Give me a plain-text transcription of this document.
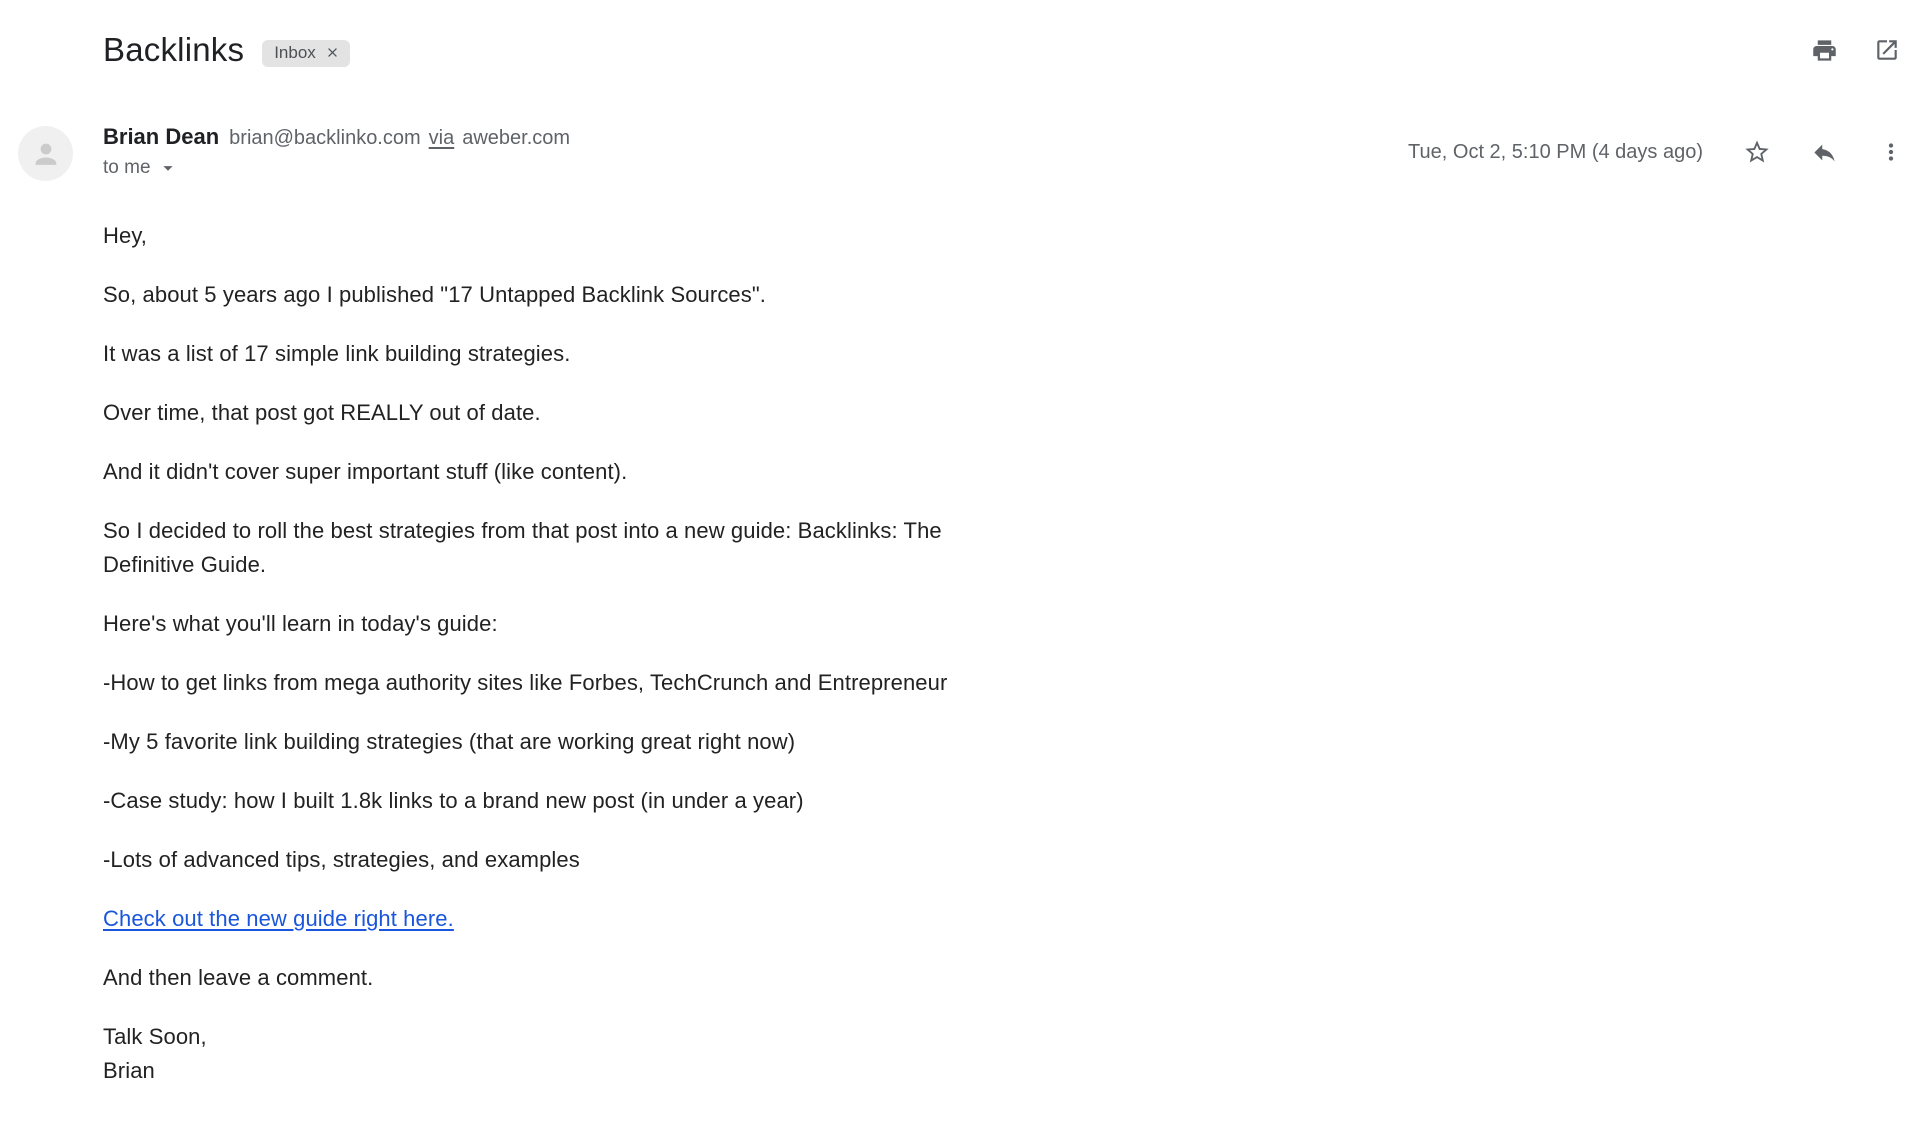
Backlinks Inbox
Brian Dean brian@backlinko.com via aweber.com
to me
Tue, Oct 2, 5:10 PM (4 days ago)

Hey,

So, about 5 years ago I published "17 Untapped Backlink Sources".

It was a list of 17 simple link building strategies.

Over time, that post got REALLY out of date.

And it didn't cover super important stuff (like content).

So I decided to roll the best strategies from that post into a new guide: Backlinks: The
Definitive Guide.

Here's what you'll learn in today's guide:

-How to get links from mega authority sites like Forbes, TechCrunch and Entrepreneur

-My 5 favorite link building strategies (that are working great right now)

-Case study: how I built 1.8k links to a brand new post (in under a year)

-Lots of advanced tips, strategies, and examples

Check out the new guide right here.

And then leave a comment.

Talk Soon,
Brian
